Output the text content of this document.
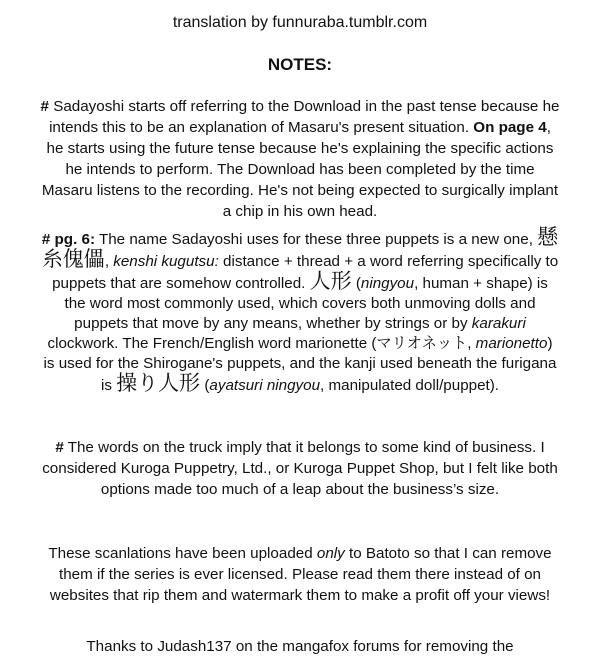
translation by funnuraba.tumblr.com
NOTES:

# Sadayoshi starts off referring to the Download in the past tense because he intends this to be an explanation of Masaru's present situation. On page 4, he starts using the future tense because he's explaining the specific actions he intends to perform. The Download has been completed by the time Masaru listens to the recording. He's not being expected to surgically implant a chip in his own head.

# pg. 6: The name Sadayoshi uses for these three puppets is a new one, 懸糸傀儡, kenshi kugutsu: distance + thread + a word referring specifically to puppets that are somehow controlled. 人形 (ningyou, human + shape) is the word most commonly used, which covers both unmoving dolls and puppets that move by any means, whether by strings or by karakuri clockwork. The French/English word marionette (マリオネット, marionetto) is used for the Shirogane's puppets, and the kanji used beneath the furigana is 操り人形 (ayatsuri ningyou, manipulated doll/puppet).

# The words on the truck imply that it belongs to some kind of business. I considered Kuroga Puppetry, Ltd., or Kuroga Puppet Shop, but I felt like both options made too much of a leap about the business’s size.

These scanlations have been uploaded only to Batoto so that I can remove them if the series is ever licensed. Please read them there instead of on websites that rip them and watermark them to make a profit off your views!

Thanks to Judash137 on the mangafox forums for removing the
